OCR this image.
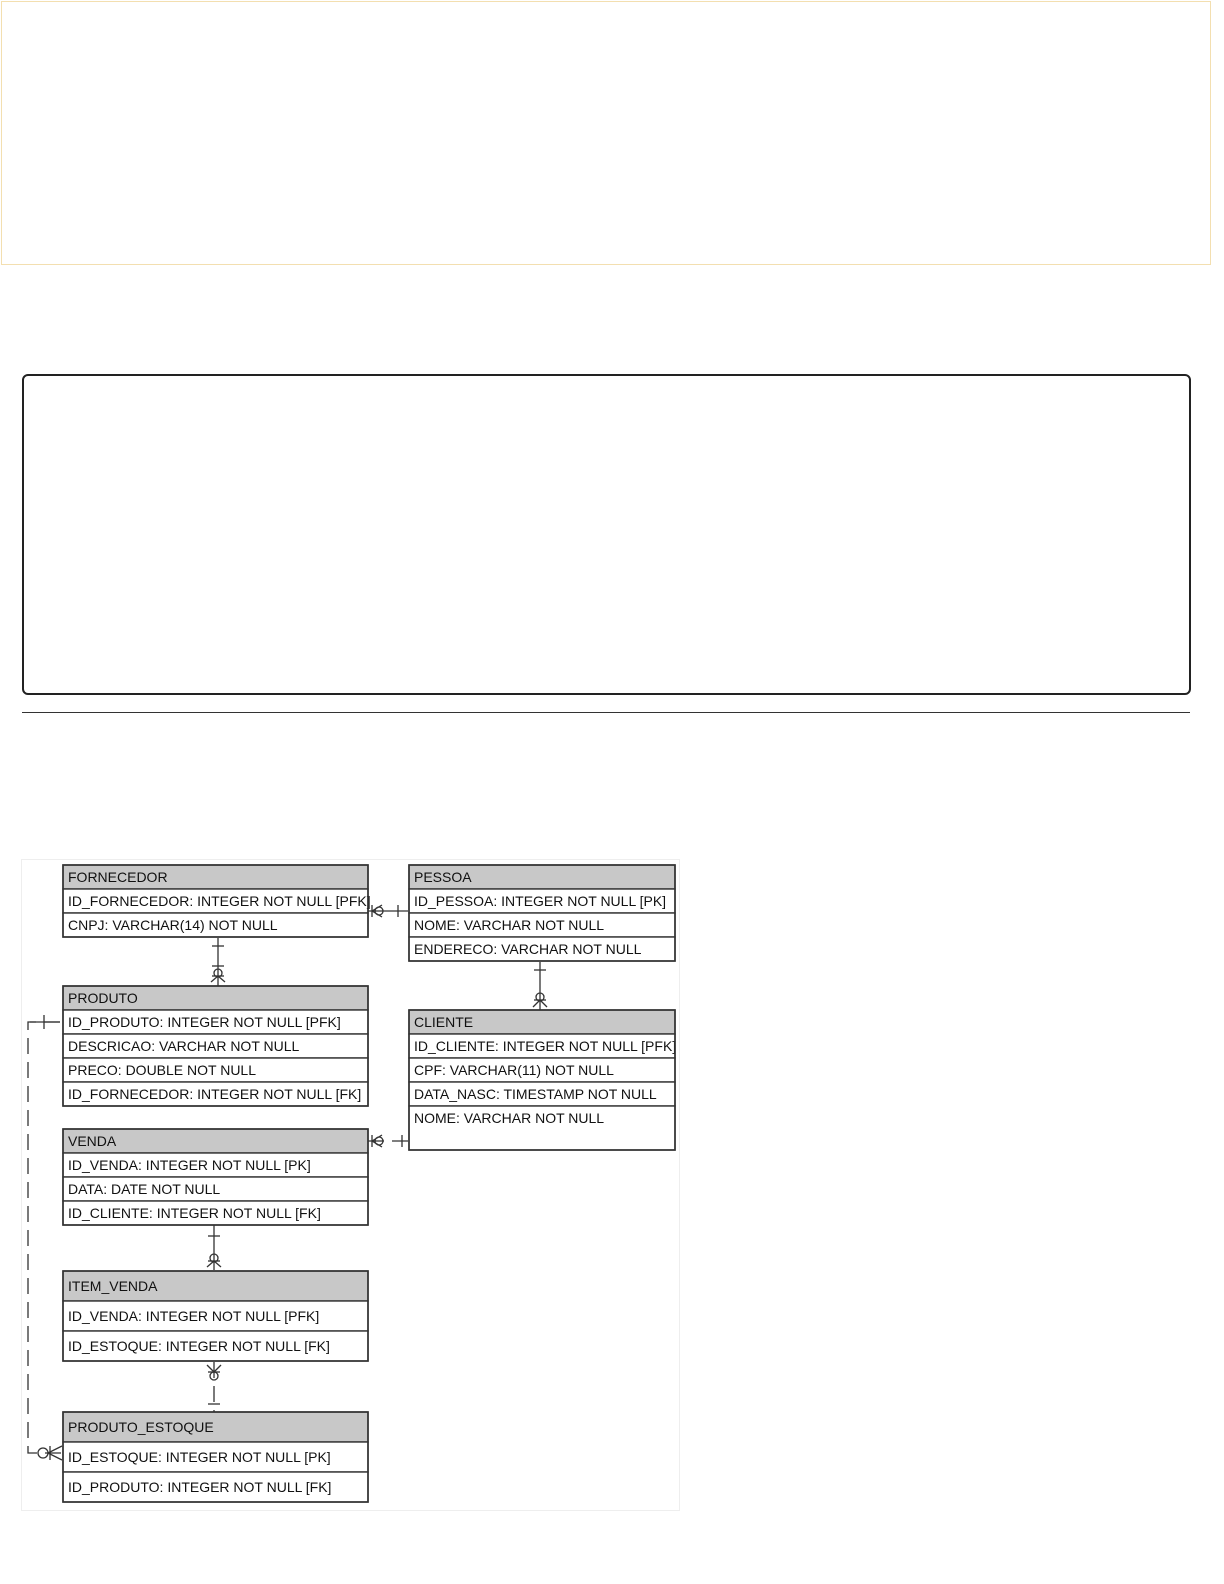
FORNECEDOR
ID_FORNECEDOR: INTEGER NOT NULL [PFK]
CNPJ: VARCHAR(14) NOT NULL
PESSOA
ID_PESSOA: INTEGER NOT NULL [PK]
NOME: VARCHAR NOT NULL
ENDERECO: VARCHAR NOT NULL
PRODUTO
ID_PRODUTO: INTEGER NOT NULL [PFK]
DESCRICAO: VARCHAR NOT NULL
PRECO: DOUBLE NOT NULL
ID_FORNECEDOR: INTEGER NOT NULL [FK]
CLIENTE
ID_CLIENTE: INTEGER NOT NULL [PFK]
CPF: VARCHAR(11) NOT NULL
DATA_NASC: TIMESTAMP NOT NULL
NOME: VARCHAR NOT NULL
VENDA
ID_VENDA: INTEGER NOT NULL [PK]
DATA: DATE NOT NULL
ID_CLIENTE: INTEGER NOT NULL [FK]
ITEM_VENDA
ID_VENDA: INTEGER NOT NULL [PFK]
ID_ESTOQUE: INTEGER NOT NULL [FK]
PRODUTO_ESTOQUE
ID_ESTOQUE: INTEGER NOT NULL [PK]
ID_PRODUTO: INTEGER NOT NULL [FK]
